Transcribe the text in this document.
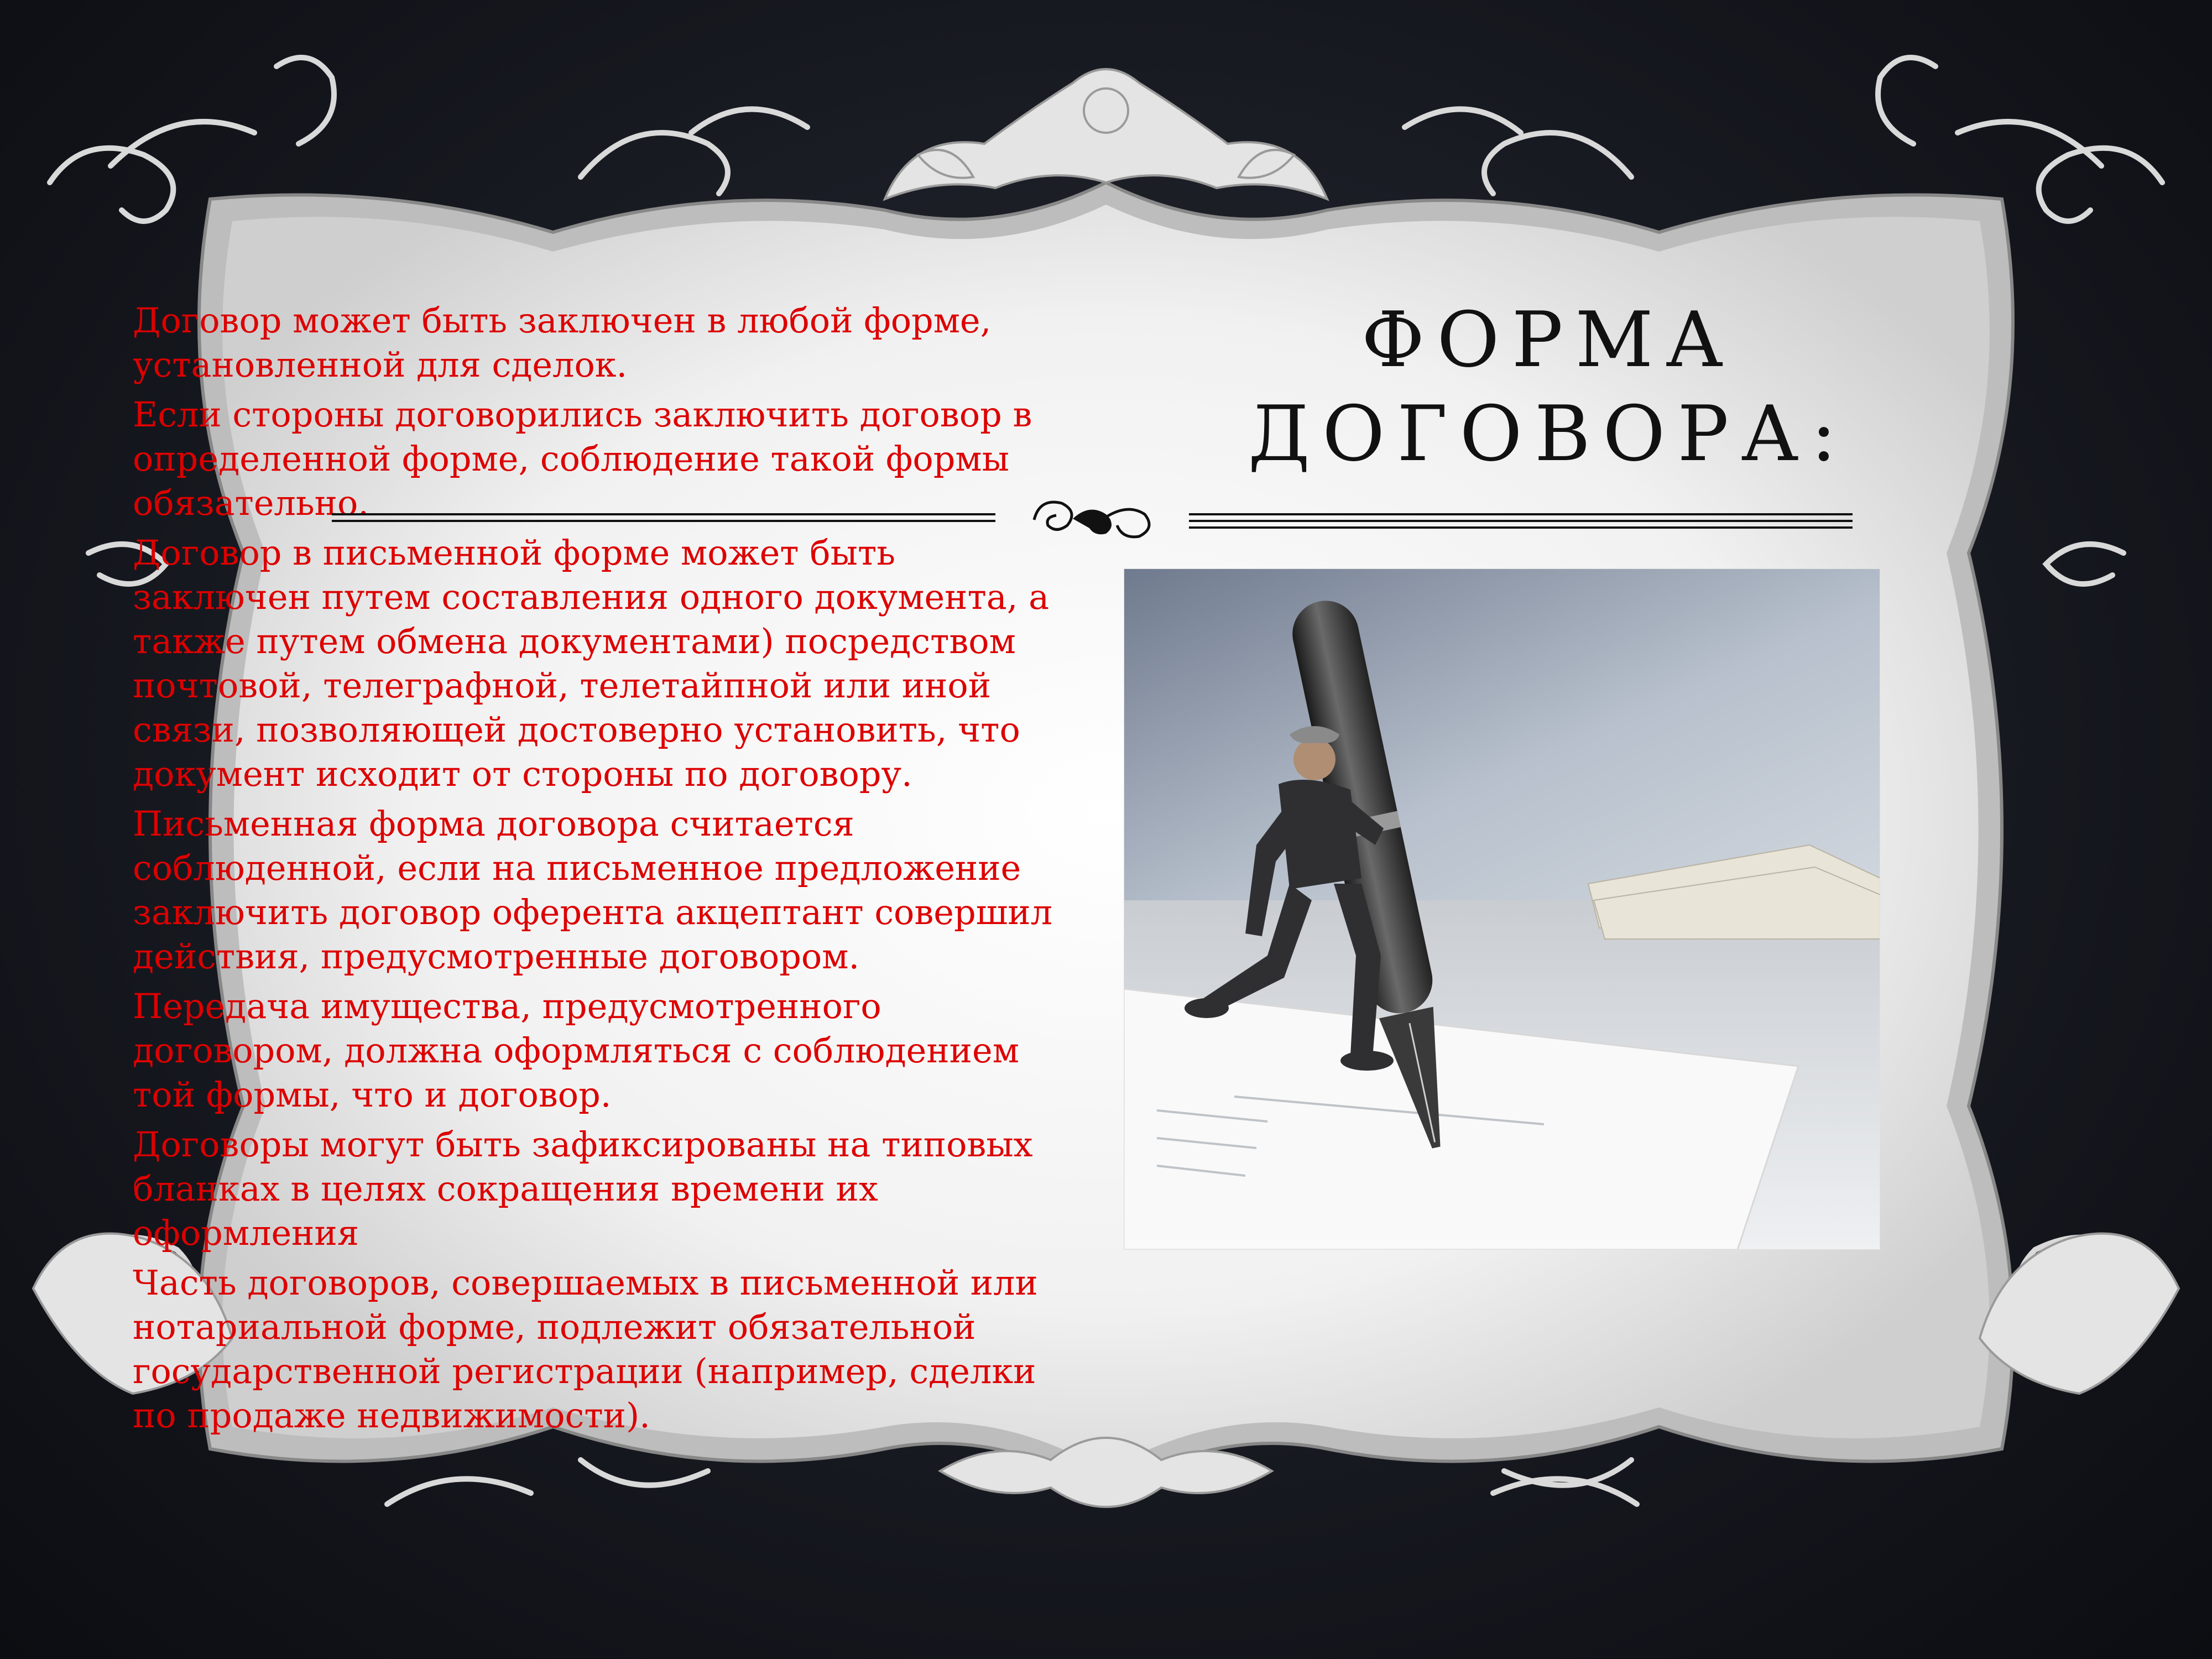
Договор может быть заключен в любой форме, установленной для сделок.

Если стороны договорились заключить договор в определенной форме, соблюдение такой формы обязательно.

Договор в письменной форме может быть заключен путем составления одного документа, а также путем обмена документами) посредством почтовой, телеграфной, телетайпной или иной связи, позволяющей достоверно установить, что документ исходит от стороны по договору.

Письменная форма договора считается соблюденной, если на письменное предложение заключить договор оферента акцептант совершил действия, предусмотренные договором.

Передача имущества, предусмотренного договором, должна оформляться с соблюдением той формы, что и договор.

Договоры могут быть зафиксированы на типовых бланках в целях сокращения времени их оформления

Часть договоров, совершаемых в письменной или нотариальной форме, подлежит обязательной государственной регистрации (например, сделки по продаже недвижимости).

ФОРМА
ДОГОВОРА:
